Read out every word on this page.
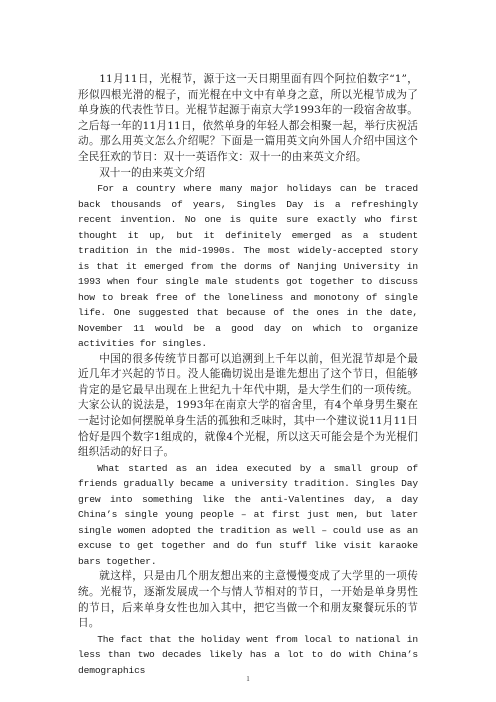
11月11日，光棍节，源于这一天日期里面有四个阿拉伯数字“1”，形似四根光滑的棍子，而光棍在中文中有单身之意，所以光棍节成为了单身族的代表性节日。光棍节起源于南京大学1993年的一段宿舍故事。之后每一年的11月11日，依然单身的年轻人都会相聚一起，举行庆祝活动。那么用英文怎么介绍呢？下面是一篇用英文向外国人介绍中国这个全民狂欢的节日：双十一英语作文：双十一的由来英文介绍。

双十一的由来英文介绍

For a country where many major holidays can be traced back thousands of years, Singles Day is a refreshingly recent invention. No one is quite sure exactly who first thought it up, but it definitely emerged as a student tradition in the mid-1990s. The most widely-accepted story is that it emerged from the dorms of Nanjing University in 1993 when four single male students got together to discuss how to break free of the loneliness and monotony of single life. One suggested that because of the ones in the date, November 11 would be a good day on which to organize activities for singles.

中国的很多传统节日都可以追溯到上千年以前，但光混节却是个最近几年才兴起的节日。没人能确切说出是谁先想出了这个节日，但能够肯定的是它最早出现在上世纪九十年代中期，是大学生们的一项传统。大家公认的说法是，1993年在南京大学的宿舍里，有4个单身男生聚在一起讨论如何摆脱单身生活的孤独和乏味时，其中一个建议说11月11日恰好是四个数字1组成的，就像4个光棍，所以这天可能会是个为光棍们组织活动的好日子。

What started as an idea executed by a small group of friends gradually became a university tradition. Singles Day grew into something like the anti-Valentines day, a day China’s single young people – at first just men, but later single women adopted the tradition as well – could use as an excuse to get together and do fun stuff like visit karaoke bars together.

就这样，只是由几个朋友想出来的主意慢慢变成了大学里的一项传统。光棍节，逐渐发展成一个与情人节相对的节日，一开始是单身男性的节日，后来单身女性也加入其中，把它当做一个和朋友聚餐玩乐的节日。

The fact that the holiday went from local to national in less than two decades likely has a lot to do with China’s demographics

1
